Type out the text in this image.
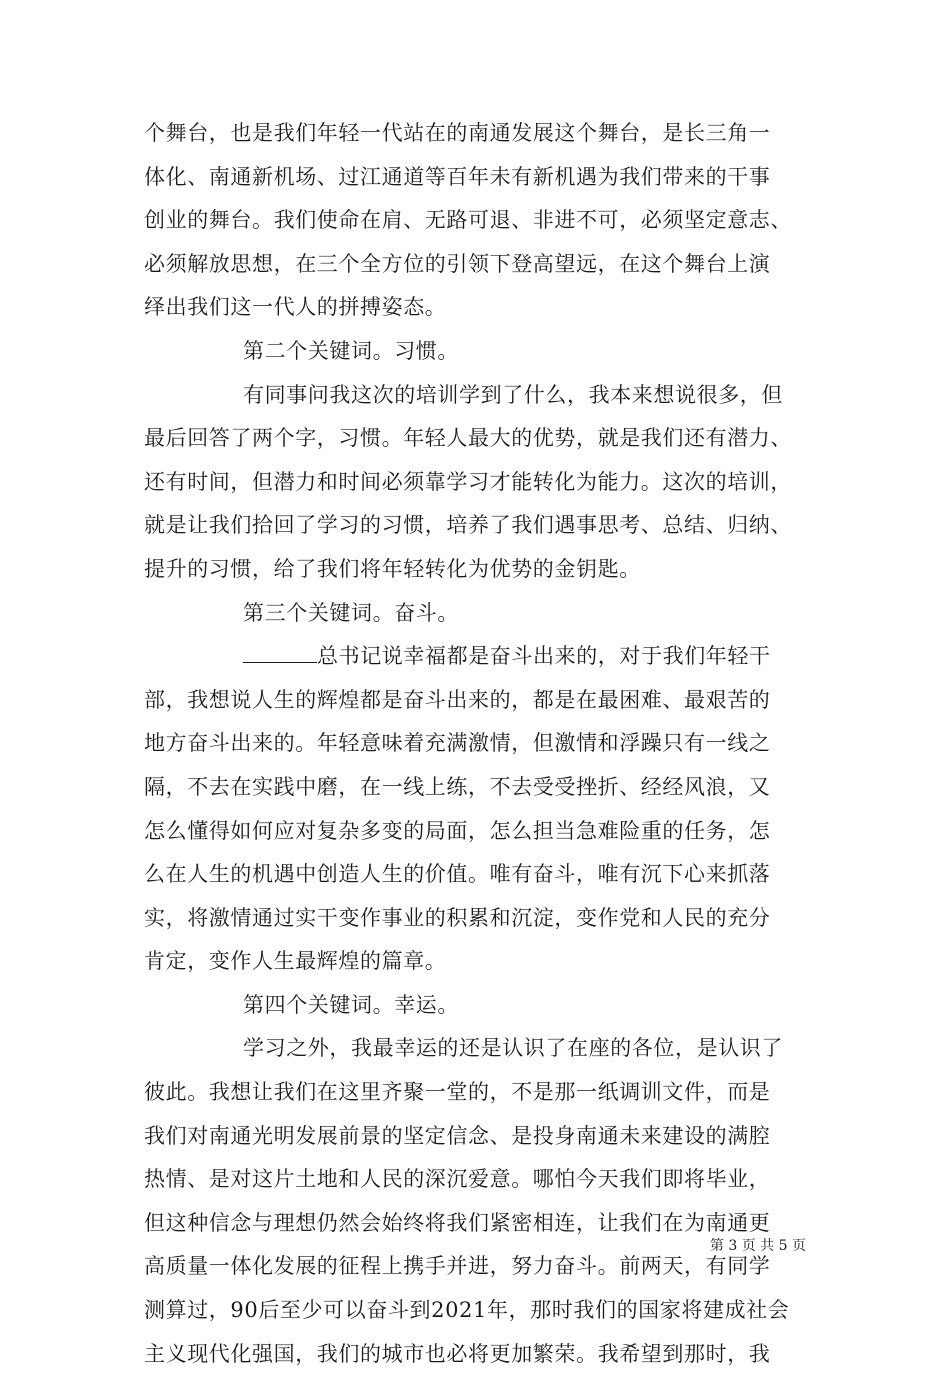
个舞台，也是我们年轻一代站在的南通发展这个舞台，是长三角一
体化、南通新机场、过江通道等百年未有新机遇为我们带来的干事
创业的舞台。我们使命在肩、无路可退、非进不可，必须坚定意志、
必须解放思想，在三个全方位的引领下登高望远，在这个舞台上演
绎出我们这一代人的拼搏姿态。
第二个关键词。习惯。
有同事问我这次的培训学到了什么，我本来想说很多，但
最后回答了两个字，习惯。年轻人最大的优势，就是我们还有潜力、
还有时间，但潜力和时间必须靠学习才能转化为能力。这次的培训，
就是让我们拾回了学习的习惯，培养了我们遇事思考、总结、归纳、
提升的习惯，给了我们将年轻转化为优势的金钥匙。
第三个关键词。奋斗。
总书记说幸福都是奋斗出来的，对于我们年轻干
部，我想说人生的辉煌都是奋斗出来的，都是在最困难、最艰苦的
地方奋斗出来的。年轻意味着充满激情，但激情和浮躁只有一线之
隔，不去在实践中磨，在一线上练，不去受受挫折、经经风浪，又
怎么懂得如何应对复杂多变的局面，怎么担当急难险重的任务，怎
么在人生的机遇中创造人生的价值。唯有奋斗，唯有沉下心来抓落
实，将激情通过实干变作事业的积累和沉淀，变作党和人民的充分
肯定，变作人生最辉煌的篇章。
第四个关键词。幸运。
学习之外，我最幸运的还是认识了在座的各位，是认识了
彼此。我想让我们在这里齐聚一堂的，不是那一纸调训文件，而是
我们对南通光明发展前景的坚定信念、是投身南通未来建设的满腔
热情、是对这片土地和人民的深沉爱意。哪怕今天我们即将毕业，
但这种信念与理想仍然会始终将我们紧密相连，让我们在为南通更
高质量一体化发展的征程上携手并进，努力奋斗。前两天，有同学
测算过，90后至少可以奋斗到2021年，那时我们的国家将建成社会
主义现代化强国，我们的城市也必将更加繁荣。我希望到那时，我
第 3 页 共 5 页
